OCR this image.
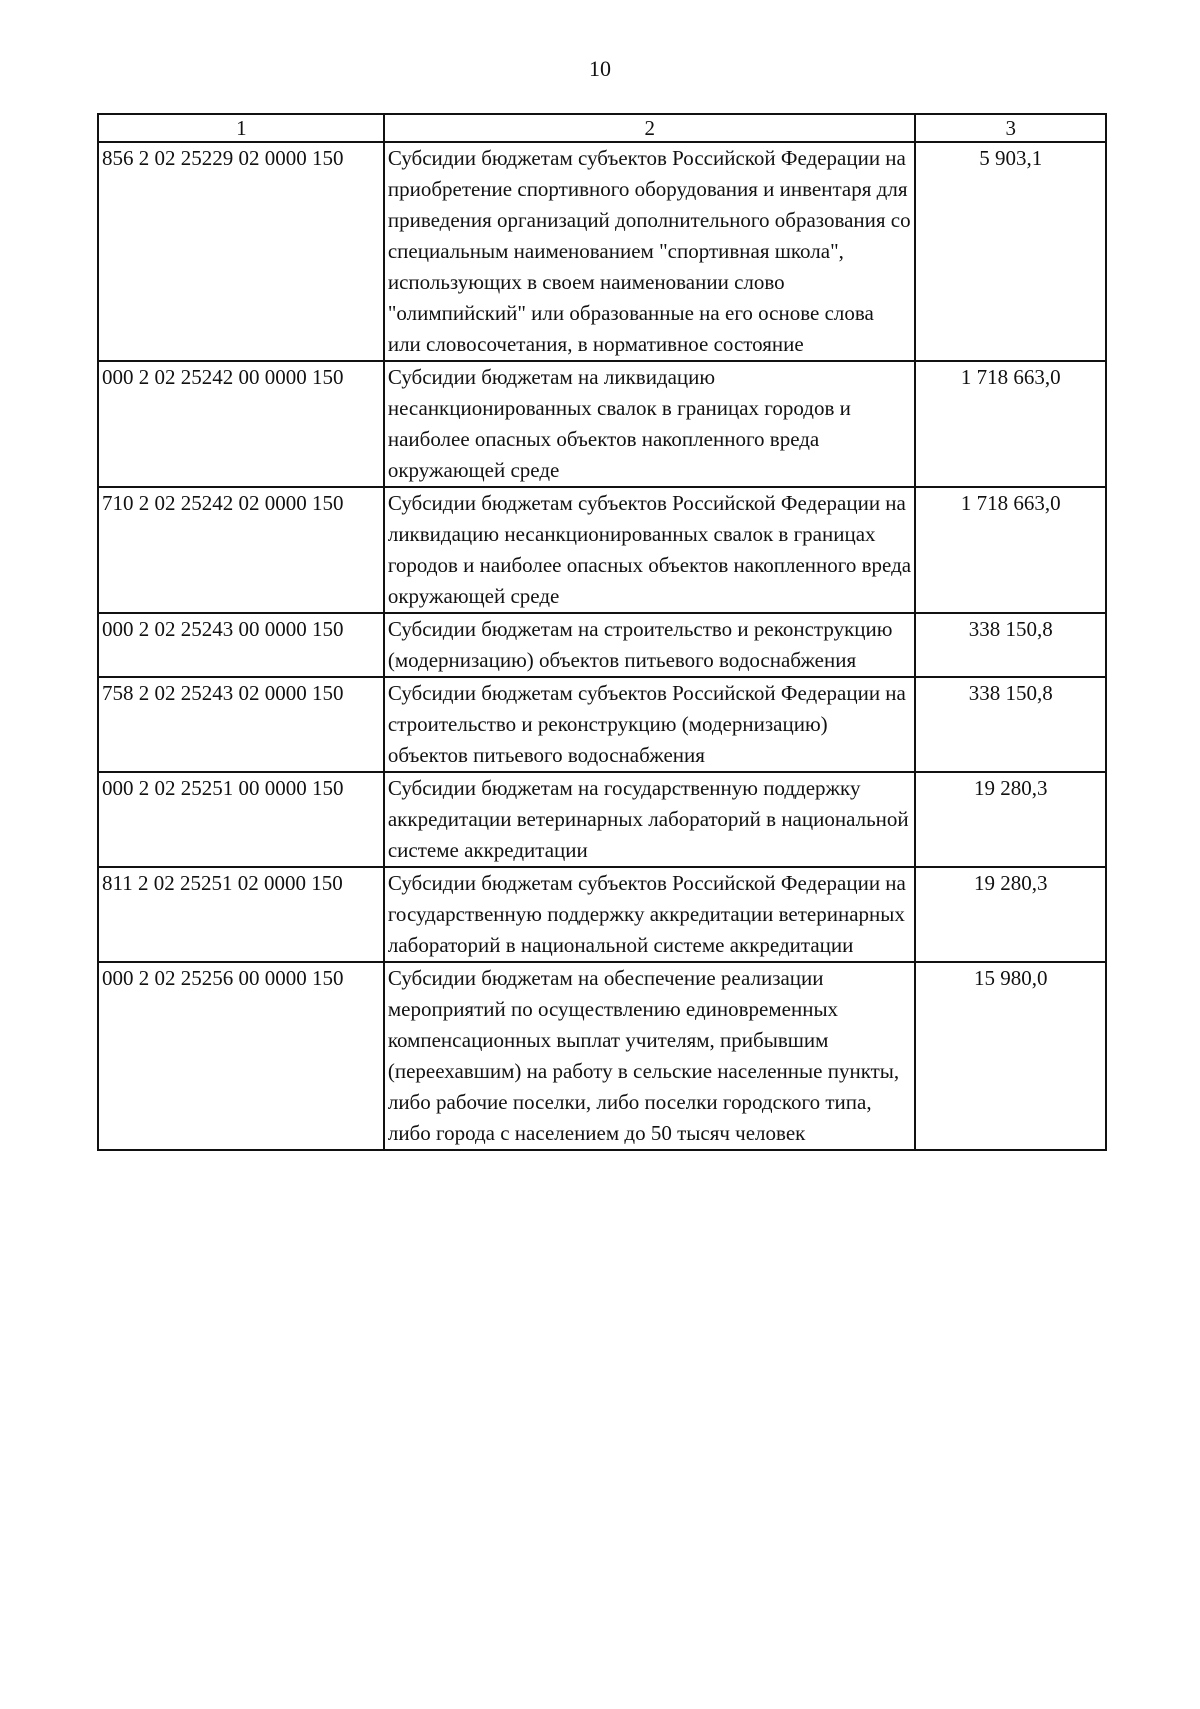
10
1	2	3
856 2 02 25229 02 0000 150	Субсидии бюджетам субъектов Российской Федерации на приобретение спортивного оборудования и инвентаря для приведения организаций дополнительного образования со специальным наименованием "спортивная школа", использующих в своем наименовании слово "олимпийский" или образованные на его основе слова или словосочетания, в нормативное состояние	5 903,1
000 2 02 25242 00 0000 150	Субсидии бюджетам на ликвидацию несанкционированных свалок в границах городов и наиболее опасных объектов накопленного вреда окружающей среде	1 718 663,0
710 2 02 25242 02 0000 150	Субсидии бюджетам субъектов Российской Федерации на ликвидацию несанкционированных свалок в границах городов и наиболее опасных объектов накопленного вреда окружающей среде	1 718 663,0
000 2 02 25243 00 0000 150	Субсидии бюджетам на строительство и реконструкцию (модернизацию) объектов питьевого водоснабжения	338 150,8
758 2 02 25243 02 0000 150	Субсидии бюджетам субъектов Российской Федерации на строительство и реконструкцию (модернизацию) объектов питьевого водоснабжения	338 150,8
000 2 02 25251 00 0000 150	Субсидии бюджетам на государственную поддержку аккредитации ветеринарных лабораторий в национальной системе аккредитации	19 280,3
811 2 02 25251 02 0000 150	Субсидии бюджетам субъектов Российской Федерации на государственную поддержку аккредитации ветеринарных лабораторий в национальной системе аккредитации	19 280,3
000 2 02 25256 00 0000 150	Субсидии бюджетам на обеспечение реализации мероприятий по осуществлению единовременных компенсационных выплат учителям, прибывшим (переехавшим) на работу в сельские населенные пункты, либо рабочие поселки, либо поселки городского типа, либо города с населением до 50 тысяч человек	15 980,0
